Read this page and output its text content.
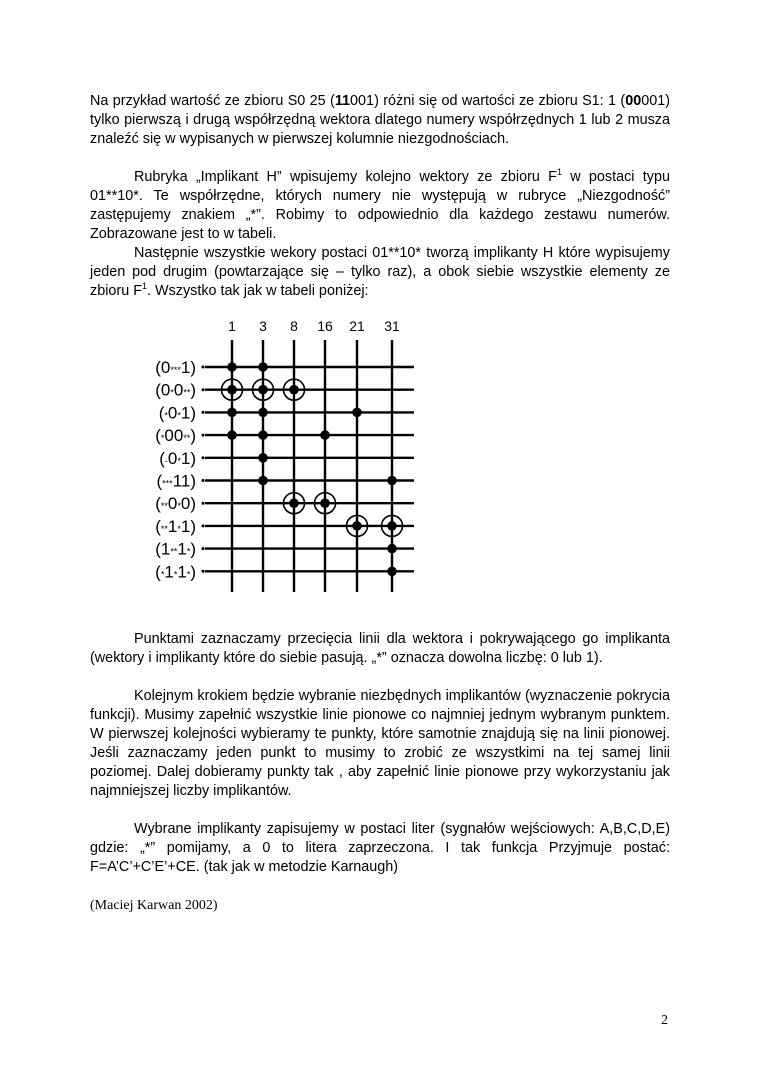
Na przykład wartość ze zbioru S0 25 (11001) różni się od wartości ze zbioru S1: 1 (00001) tylko pierwszą i drugą współrzędną wektora dlatego numery współrzędnych 1 lub 2 musza znaleźć się w wypisanych w pierwszej kolumnie niezgodnościach.

Rubryka „Implikant H” wpisujemy kolejno wektory ze zbioru $F^1$ w postaci typu 01**10*. Te współrzędne, których numery nie występują w rubryce „Niezgodność” zastępujemy znakiem „*”. Robimy to odpowiednio dla każdego zestawu numerów. Zobrazowane jest to w tabeli.

Następnie wszystkie wekory postaci 01**10* tworzą implikanty H które wypisujemy jeden pod drugim (powtarzające się – tylko raz), a obok siebie wszystkie elementy ze zbioru $F^1$. Wszystko tak jak w tabeli poniżej:

1 3 8 16 21 31
(0***1)
(0*0**)
(*0*1)
(*00**)
(-0*1)
(***11)
(**0*0)
(**1*1)
(1**1*)
(*1*1*)

Punktami zaznaczamy przecięcia linii dla wektora i pokrywającego go implikanta (wektory i implikanty które do siebie pasują. „*” oznacza dowolna liczbę: 0 lub 1).

Kolejnym krokiem będzie wybranie niezbędnych implikantów (wyznaczenie pokrycia funkcji). Musimy zapełnić wszystkie linie pionowe co najmniej jednym wybranym punktem. W pierwszej kolejności wybieramy te punkty, które samotnie znajdują się na linii pionowej. Jeśli zaznaczamy jeden punkt to musimy to zrobić ze wszystkimi na tej samej linii poziomej. Dalej dobieramy punkty tak , aby zapełnić linie pionowe przy wykorzystaniu jak najmniejszej liczby implikantów.

Wybrane implikanty zapisujemy w postaci liter (sygnałów wejściowych: A,B,C,D,E) gdzie: „*” pomijamy, a 0 to litera zaprzeczona. I tak funkcja Przyjmuje postać: F=A’C’+C’E’+CE. (tak jak w metodzie Karnaugh)

(Maciej Karwan 2002)
2
